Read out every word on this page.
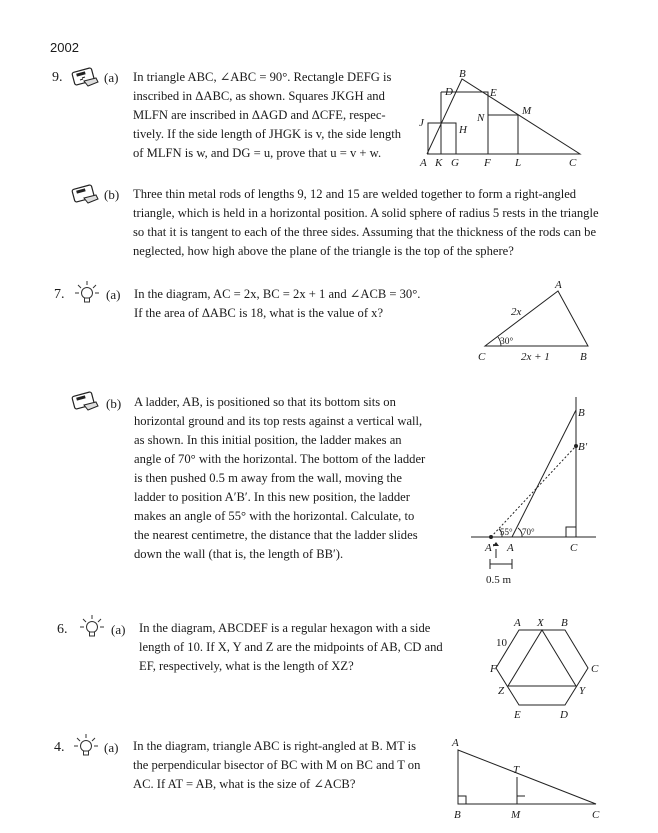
2002
9.	(a) In triangle ABC, ∠ABC = 90°. Rectangle DEFG is

inscribed in ΔABC, as shown. Squares JKGH and

MLFN are inscribed in ΔAGD and ΔCFE, respec-

tively. If the side length of JHGK is v, the side length

of MLFN is w, and DG = u, prove that u = v + w.

B
D	E
M
N
J
H
A K G F L	C
(b) Three thin metal rods of lengths 9, 12 and 15 are welded together to form a right-angled

triangle, which is held in a horizontal position. A solid sphere of radius 5 rests in the triangle

so that it is tangent to each of the three sides. Assuming that the thickness of the rods can be

neglected, how high above the plane of the triangle is the top of the sphere?

7.	(a) In the diagram, AC = 2x, BC = 2x + 1 and ∠ACB = 30°.

If the area of ΔABC is 18, what is the value of x?

A
2x
30°
C	2x + 1	B
(b) A ladder, AB, is positioned so that its bottom sits on

horizontal ground and its top rests against a vertical wall,

as shown. In this initial position, the ladder makes an

angle of 70° with the horizontal. The bottom of the ladder

is then pushed 0.5 m away from the wall, moving the

ladder to position A′B′. In this new position, the ladder

makes an angle of 55° with the horizontal. Calculate, to

the nearest centimetre, the distance that the ladder slides

down the wall (that is, the length of BB′).

B
B′
55° 70°
A′ A	C
0.5 m
6.	(a) In the diagram, ABCDEF is a regular hexagon with a side

length of 10. If X, Y and Z are the midpoints of AB, CD and

EF, respectively, what is the length of XZ?

A X B
10
F	C
Z	Y
E	D
4.	(a) In the diagram, triangle ABC is right-angled at B. MT is

the perpendicular bisector of BC with M on BC and T on

AC. If AT = AB, what is the size of ∠ACB?

A
T
B	M	C
